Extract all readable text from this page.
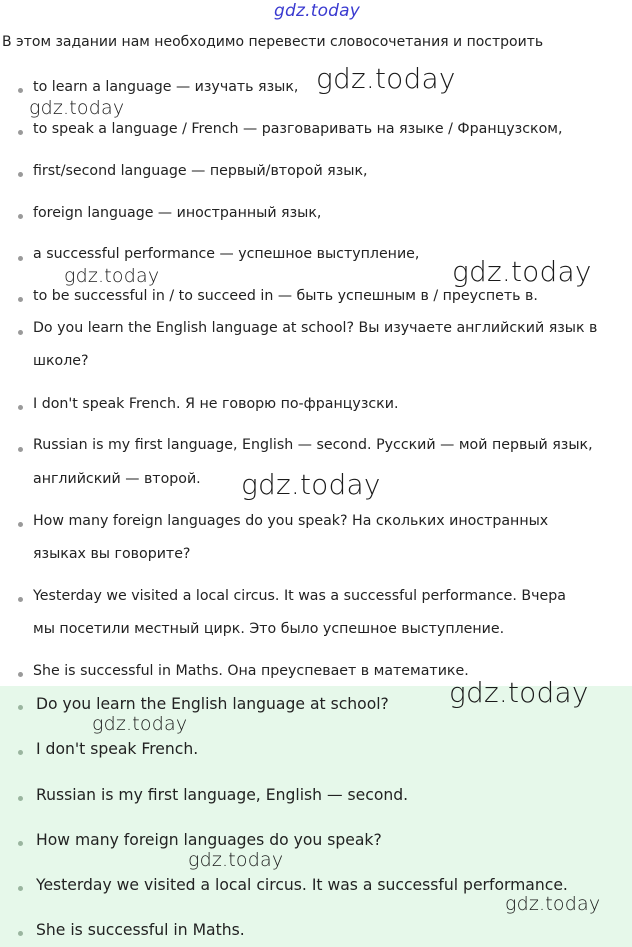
gdz.today
В этом задании нам необходимо перевести словосочетания и построить
to learn a language — изучать язык,
to speak a language / French — разговаривать на языке / Французском,
first/second language — первый/второй язык,
foreign language — иностранный язык,
a successful performance — успешное выступление,
to be successful in / to succeed in — быть успешным в / преуспеть в.
Do you learn the English language at school? Вы изучаете английский язык в
школе?
I don't speak French. Я не говорю по-французски.
Russian is my first language, English — second. Русский — мой первый язык,
английский — второй.
How many foreign languages do you speak? На скольких иностранных
языках вы говорите?
Yesterday we visited a local circus. It was a successful performance. Вчера
мы посетили местный цирк. Это было успешное выступление.
She is successful in Maths. Она преуспевает в математике.
Do you learn the English language at school?
I don't speak French.
Russian is my first language, English — second.
How many foreign languages do you speak?
Yesterday we visited a local circus. It was a successful performance.
She is successful in Maths.
gdz.today
gdz.today
gdz.today	gdz.today
gdz.today
gdz.today
gdz.today
gdz.today
gdz.today
